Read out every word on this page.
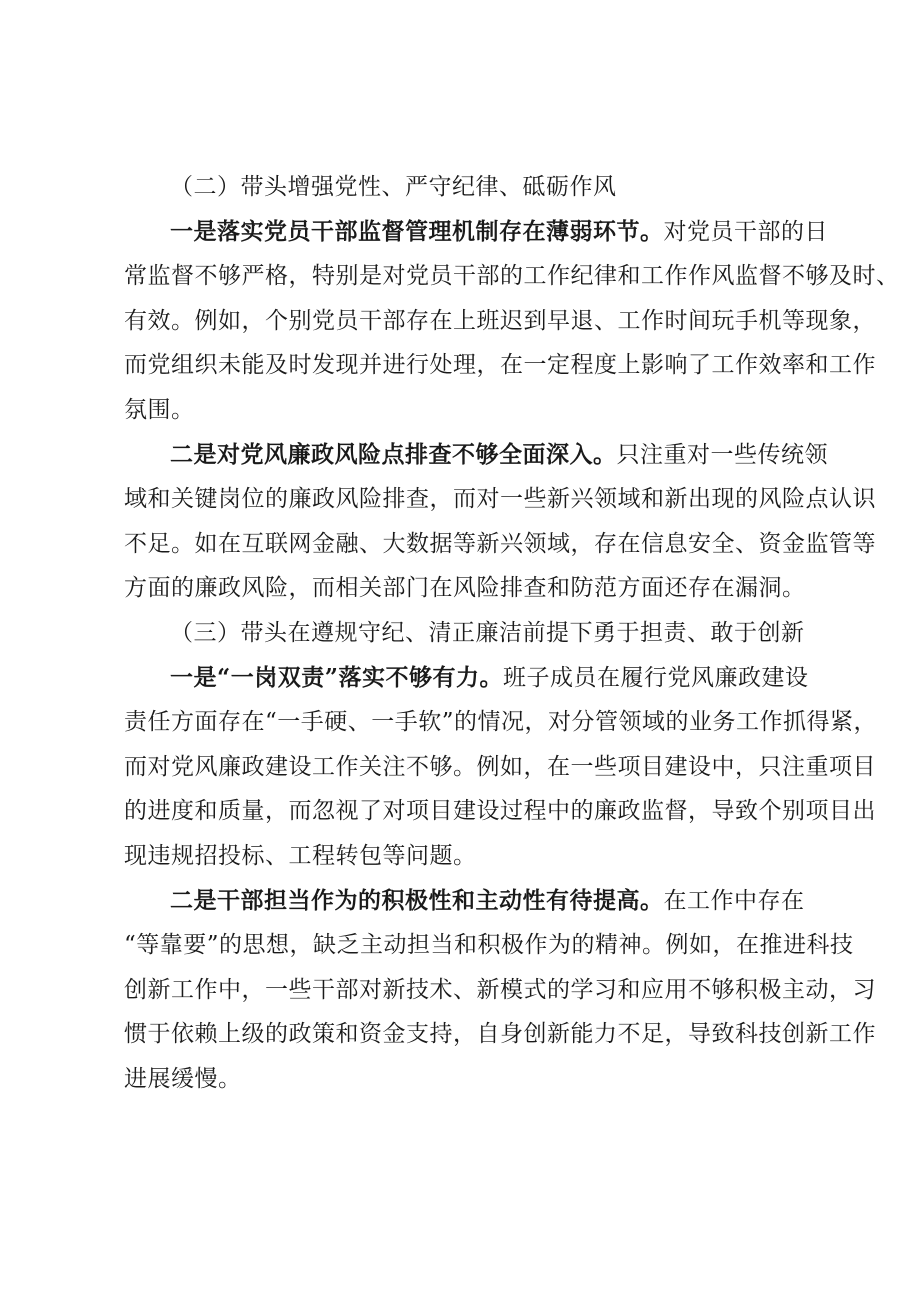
（二）带头增强党性、严守纪律、砥砺作风
一是落实党员干部监督管理机制存在薄弱环节。对党员干部的日
常监督不够严格，特别是对党员干部的工作纪律和工作作风监督不够及时、
有效。例如，个别党员干部存在上班迟到早退、工作时间玩手机等现象，
而党组织未能及时发现并进行处理，在一定程度上影响了工作效率和工作
氛围。
二是对党风廉政风险点排查不够全面深入。只注重对一些传统领
域和关键岗位的廉政风险排查，而对一些新兴领域和新出现的风险点认识
不足。如在互联网金融、大数据等新兴领域，存在信息安全、资金监管等
方面的廉政风险，而相关部门在风险排查和防范方面还存在漏洞。
（三）带头在遵规守纪、清正廉洁前提下勇于担责、敢于创新
一是“一岗双责”落实不够有力。班子成员在履行党风廉政建设
责任方面存在“一手硬、一手软”的情况，对分管领域的业务工作抓得紧，
而对党风廉政建设工作关注不够。例如，在一些项目建设中，只注重项目
的进度和质量，而忽视了对项目建设过程中的廉政监督，导致个别项目出
现违规招投标、工程转包等问题。
二是干部担当作为的积极性和主动性有待提高。在工作中存在
“等靠要”的思想，缺乏主动担当和积极作为的精神。例如，在推进科技
创新工作中，一些干部对新技术、新模式的学习和应用不够积极主动，习
惯于依赖上级的政策和资金支持，自身创新能力不足，导致科技创新工作
进展缓慢。
